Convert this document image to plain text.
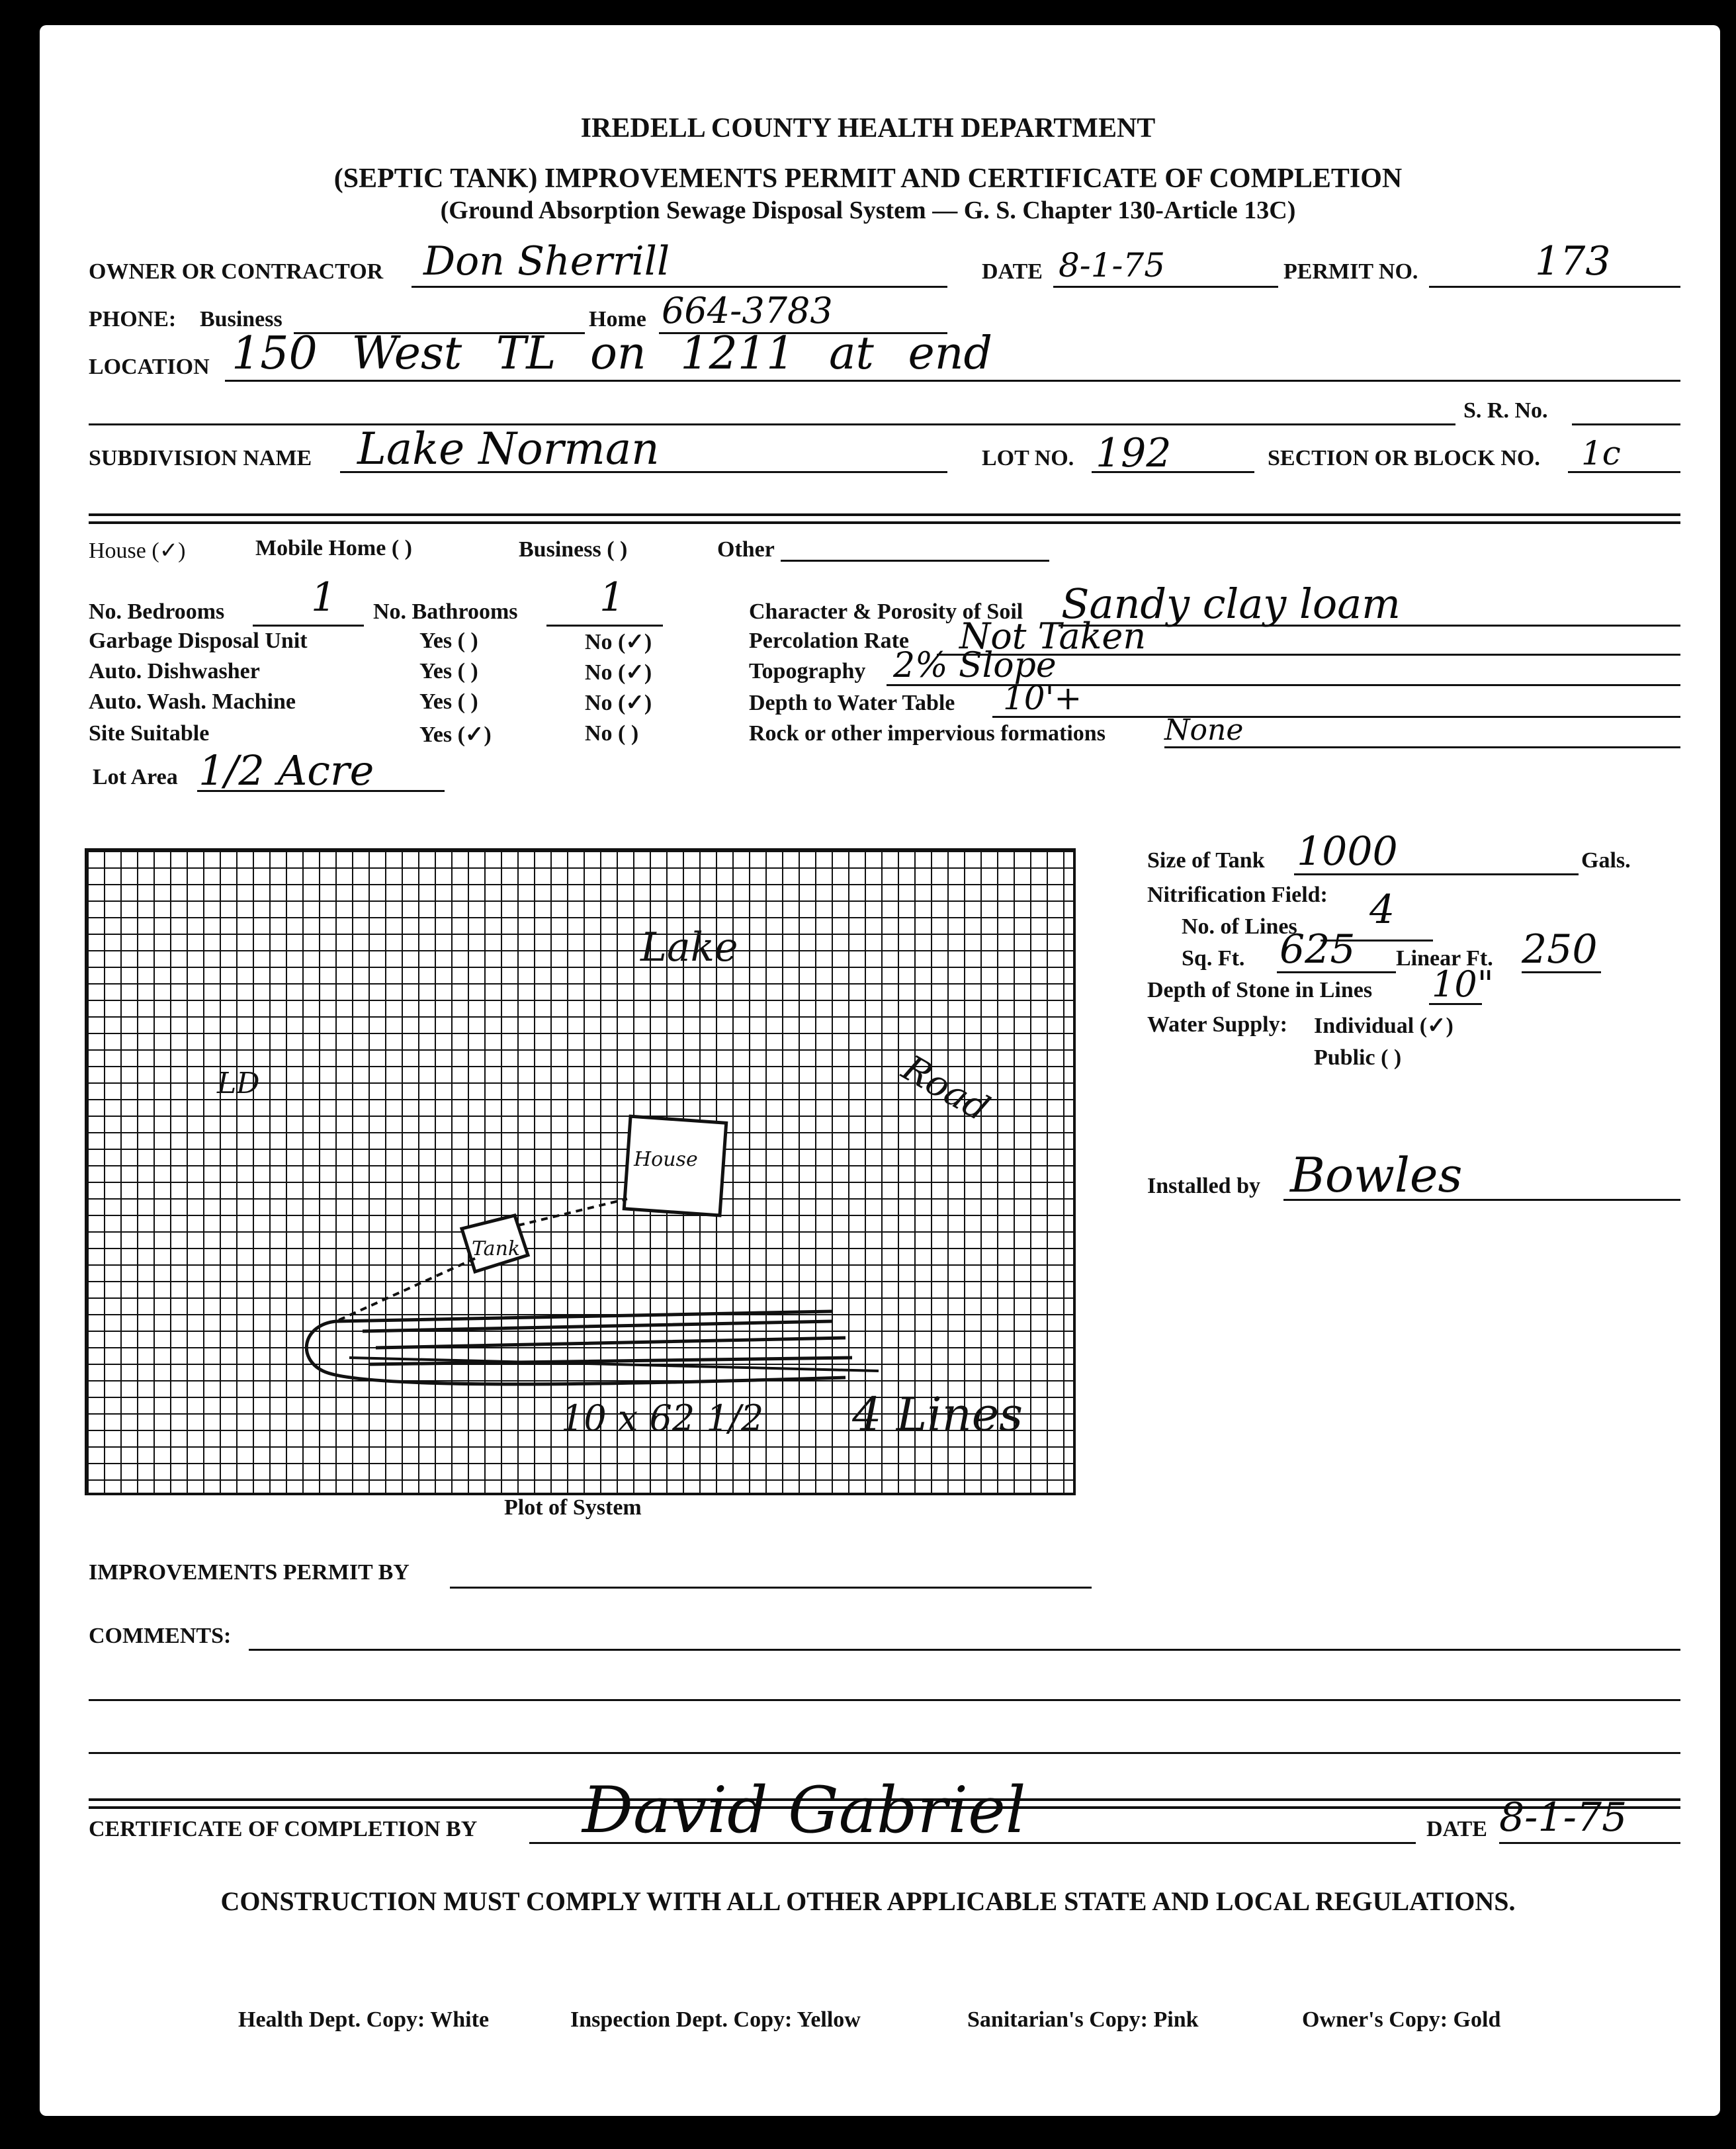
IREDELL COUNTY HEALTH DEPARTMENT
(SEPTIC TANK) IMPROVEMENTS PERMIT AND CERTIFICATE OF COMPLETION
(Ground Absorption Sewage Disposal System — G. S. Chapter 130-Article 13C)
OWNER OR CONTRACTOR Don Sherrill	DATE 8-1-75	PERMIT NO.	173
PHONE: Business	Home 664-3783
LOCATION 150 West TL on 1211 at end
S. R. No.
SUBDIVISION NAME Lake Norman	LOT NO. 192	SECTION OR BLOCK NO. 1c
House (✓)	Mobile Home ( )	Business ( )	Other
No. Bedrooms 1 No. Bathrooms 1
Garbage Disposal Unit	Yes ( )	No (✓)
Auto. Dishwasher	Yes ( )	No (✓)
Auto. Wash. Machine	Yes ( )	No (✓)
Site Suitable	Yes (✓)	No ( )
Lot Area 1/2 Acre
Character & Porosity of Soil Sandy clay loam
Percolation Rate Not Taken
Topography 2% Slope
Depth to Water Table 10'+
Rock or other impervious formations None
Lake
House
Tank
Road
LD
10 x 62 1/2 4 Lines
Plot of System
Size of Tank 1000	Gals.
Nitrification Field:
No. of Lines 4
Sq. Ft. 625 Linear Ft. 250
Depth of Stone in Lines 10"
Water Supply: Individual (✓)
Public ( )
Installed by Bowles
IMPROVEMENTS PERMIT BY
COMMENTS:
CERTIFICATE OF COMPLETION BY David Gabriel	DATE 8-1-75
CONSTRUCTION MUST COMPLY WITH ALL OTHER APPLICABLE STATE AND LOCAL REGULATIONS.
Health Dept. Copy: White	Inspection Dept. Copy: Yellow	Sanitarian's Copy: Pink	Owner's Copy: Gold
